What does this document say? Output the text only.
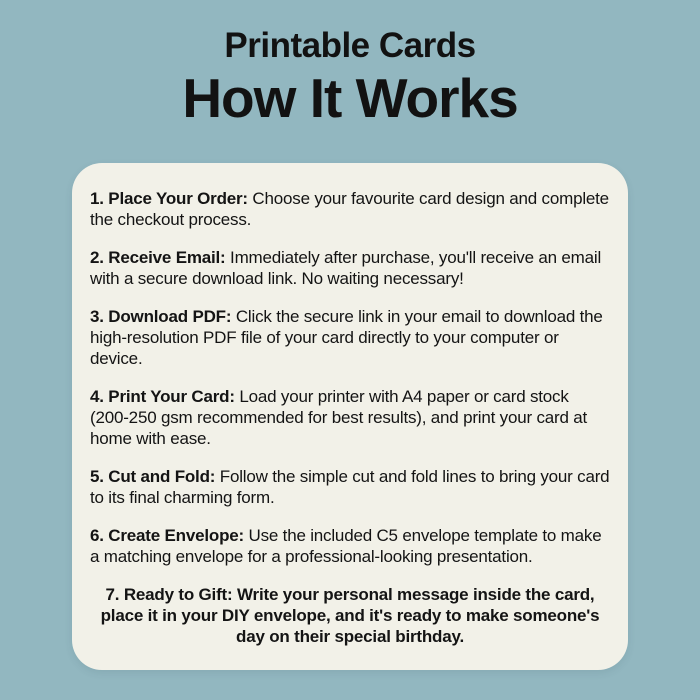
Printable Cards
How It Works

1. Place Your Order: Choose your favourite card design and complete the checkout process.

2. Receive Email: Immediately after purchase, you'll receive an email with a secure download link. No waiting necessary!

3. Download PDF: Click the secure link in your email to download the high-resolution PDF file of your card directly to your computer or device.

4. Print Your Card: Load your printer with A4 paper or card stock (200-250 gsm recommended for best results), and print your card at home with ease.

5. Cut and Fold: Follow the simple cut and fold lines to bring your card to its final charming form.

6. Create Envelope: Use the included C5 envelope template to make a matching envelope for a professional-looking presentation.

7. Ready to Gift: Write your personal message inside the card, place it in your DIY envelope, and it's ready to make someone's day on their special birthday.
